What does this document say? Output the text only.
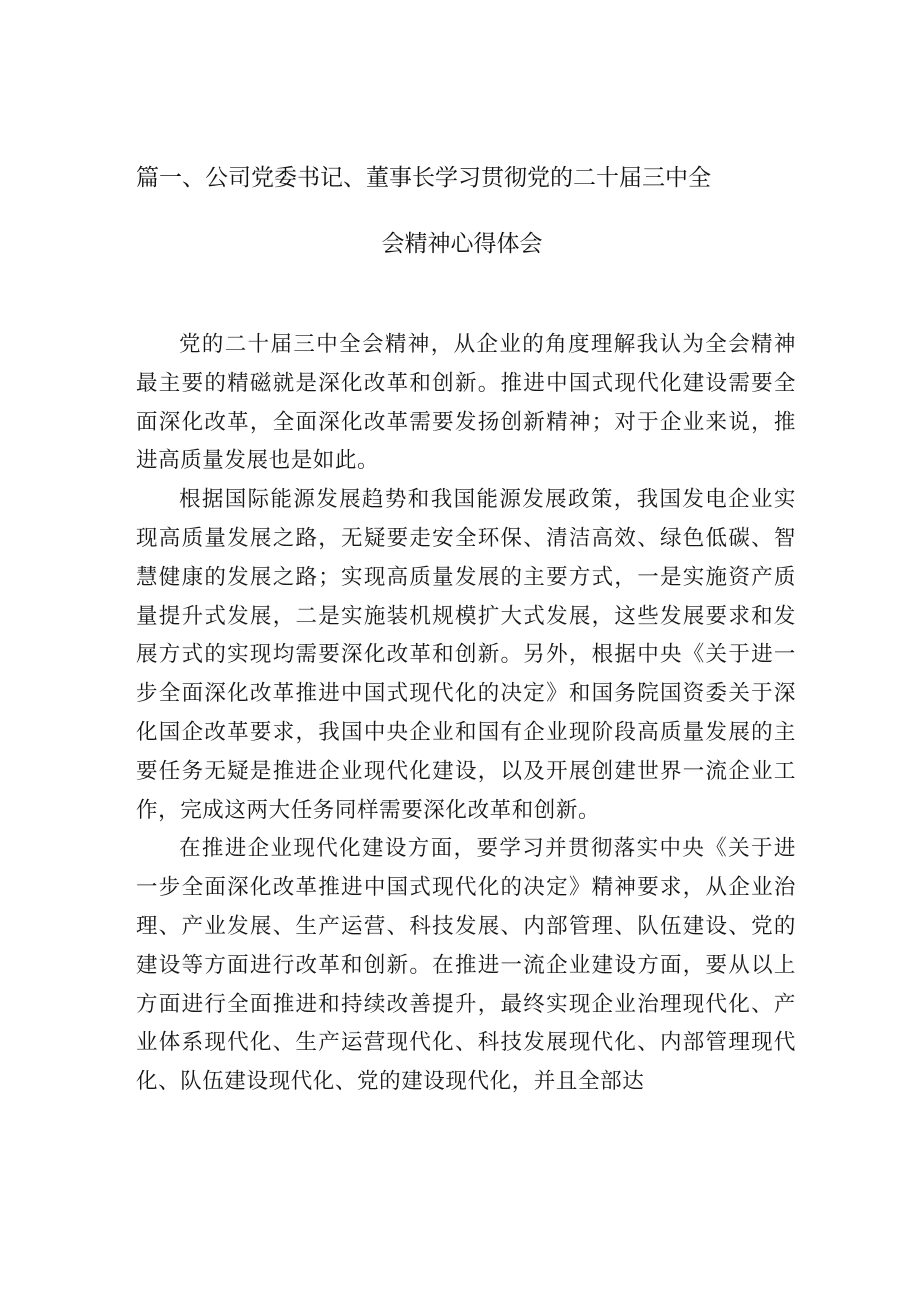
篇一、公司党委书记、董事长学习贯彻党的二十届三中全
会精神心得体会

党的二十届三中全会精神，从企业的角度理解我认为全会精神最主要的精磁就是深化改革和创新。推进中国式现代化建设需要全面深化改革，全面深化改革需要发扬创新精神；对于企业来说，推进高质量发展也是如此。

根据国际能源发展趋势和我国能源发展政策，我国发电企业实现高质量发展之路，无疑要走安全环保、清洁高效、绿色低碳、智慧健康的发展之路；实现高质量发展的主要方式，一是实施资产质量提升式发展，二是实施装机规模扩大式发展，这些发展要求和发展方式的实现均需要深化改革和创新。另外，根据中央《关于进一步全面深化改革推进中国式现代化的决定》和国务院国资委关于深化国企改革要求，我国中央企业和国有企业现阶段高质量发展的主要任务无疑是推进企业现代化建设，以及开展创建世界一流企业工作，完成这两大任务同样需要深化改革和创新。

在推进企业现代化建设方面，要学习并贯彻落实中央《关于进一步全面深化改革推进中国式现代化的决定》精神要求，从企业治理、产业发展、生产运营、科技发展、内部管理、队伍建设、党的建设等方面进行改革和创新。在推进一流企业建设方面，要从以上方面进行全面推进和持续改善提升，最终实现企业治理现代化、产业体系现代化、生产运营现代化、科技发展现代化、内部管理现代化、队伍建设现代化、党的建设现代化，并且全部达
